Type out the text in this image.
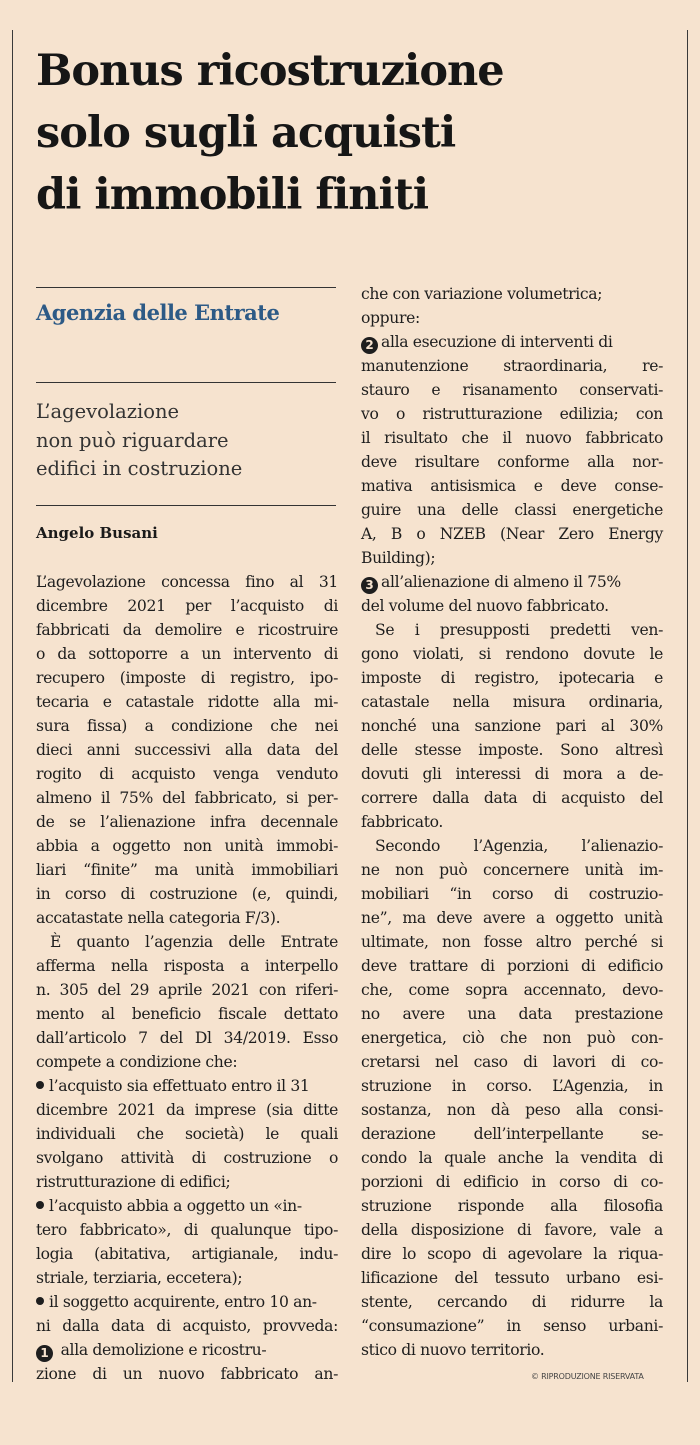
Bonus ricostruzione
solo sugli acquisti
di immobili finiti
Agenzia delle Entrate
L’agevolazione
non può riguardare
edifici in costruzione
Angelo Busani
L’agevolazione concessa fino al 31
dicembre 2021 per l’acquisto di
fabbricati da demolire e ricostruire
o da sottoporre a un intervento di
recupero (imposte di registro, ipo-
tecaria e catastale ridotte alla mi-
sura fissa) a condizione che nei
dieci anni successivi alla data del
rogito di acquisto venga venduto
almeno il 75% del fabbricato, si per-
de se l’alienazione infra decennale
abbia a oggetto non unità immobi-
liari “finite” ma unità immobiliari
in corso di costruzione (e, quindi,
accatastate nella categoria F/3).
È quanto l’agenzia delle Entrate
afferma nella risposta a interpello
n. 305 del 29 aprile 2021 con riferi-
mento al beneficio fiscale dettato
dall’articolo 7 del Dl 34/2019. Esso
compete a condizione che:
l’acquisto sia effettuato entro il 31
dicembre 2021 da imprese (sia ditte
individuali che società) le quali
svolgano attività di costruzione o
ristrutturazione di edifici;
l’acquisto abbia a oggetto un «in-
tero fabbricato», di qualunque tipo-
logia (abitativa, artigianale, indu-
striale, terziaria, eccetera);
il soggetto acquirente, entro 10 an-
ni dalla data di acquisto, provveda:
1 alla demolizione e ricostru-
zione di un nuovo fabbricato an-
che con variazione volumetrica;
oppure:
2 alla esecuzione di interventi di
manutenzione straordinaria, re-
stauro e risanamento conservati-
vo o ristrutturazione edilizia; con
il risultato che il nuovo fabbricato
deve risultare conforme alla nor-
mativa antisismica e deve conse-
guire una delle classi energetiche
A, B o NZEB (Near Zero Energy
Building);
3 all’alienazione di almeno il 75%
del volume del nuovo fabbricato.
Se i presupposti predetti ven-
gono violati, si rendono dovute le
imposte di registro, ipotecaria e
catastale nella misura ordinaria,
nonché una sanzione pari al 30%
delle stesse imposte. Sono altresì
dovuti gli interessi di mora a de-
correre dalla data di acquisto del
fabbricato.
Secondo l’Agenzia, l’alienazio-
ne non può concernere unità im-
mobiliari “in corso di costruzio-
ne”, ma deve avere a oggetto unità
ultimate, non fosse altro perché si
deve trattare di porzioni di edificio
che, come sopra accennato, devo-
no avere una data prestazione
energetica, ciò che non può con-
cretarsi nel caso di lavori di co-
struzione in corso. L’Agenzia, in
sostanza, non dà peso alla consi-
derazione dell’interpellante se-
condo la quale anche la vendita di
porzioni di edificio in corso di co-
struzione risponde alla filosofia
della disposizione di favore, vale a
dire lo scopo di agevolare la riqua-
lificazione del tessuto urbano esi-
stente, cercando di ridurre la
“consumazione” in senso urbani-
stico di nuovo territorio.
© RIPRODUZIONE RISERVATA
